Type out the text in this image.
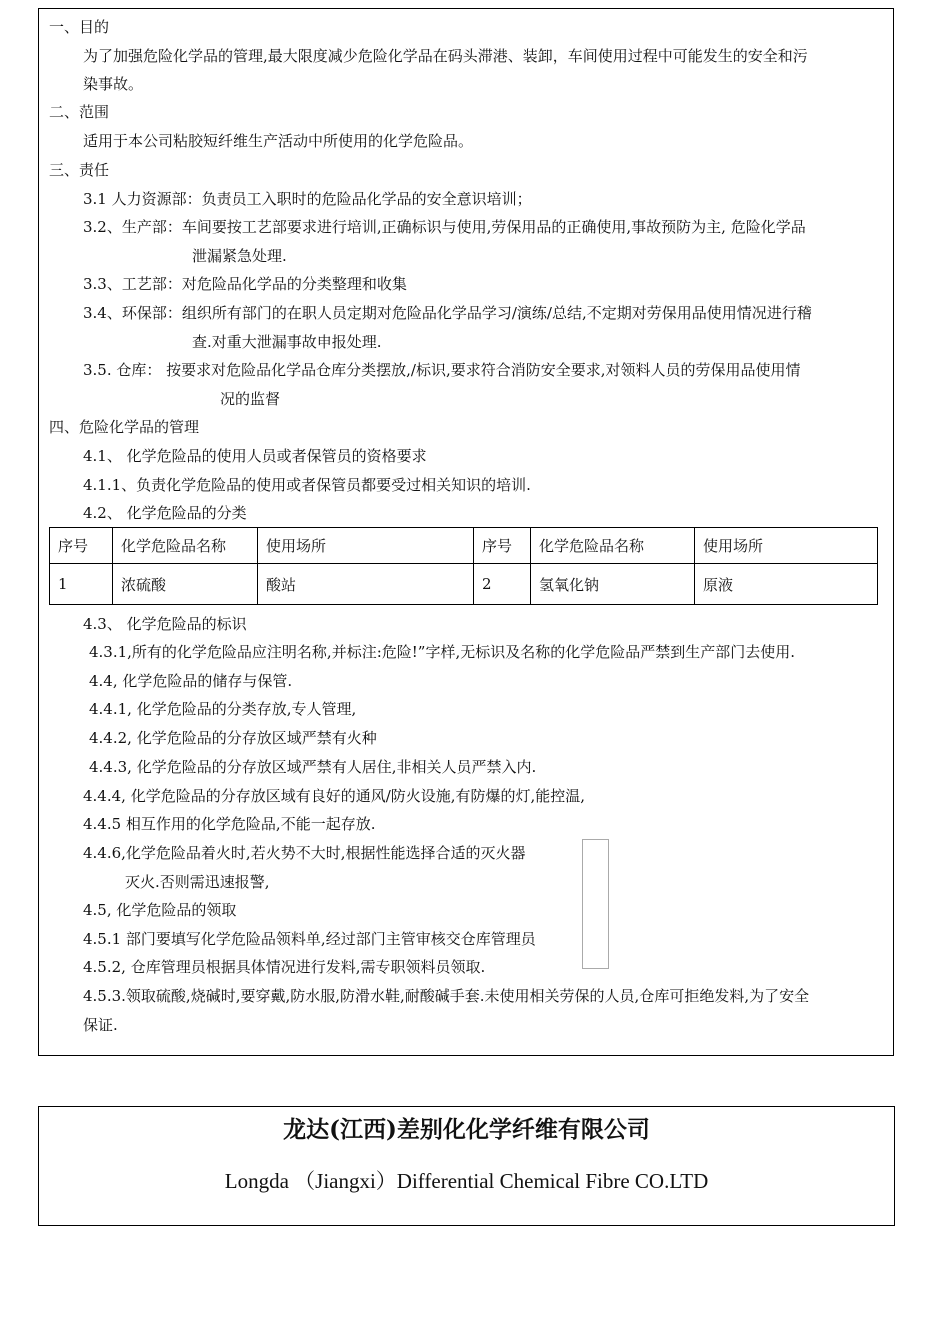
一、目的
为了加强危险化学品的管理,最大限度减少危险化学品在码头滞港、装卸，车间使用过程中可能发生的安全和污
染事故。
二、范围
适用于本公司粘胶短纤维生产活动中所使用的化学危险品。
三、责任
3.1 人力资源部：负责员工入职时的危险品化学品的安全意识培训；
3.2、生产部：车间要按工艺部要求进行培训,正确标识与使用,劳保用品的正确使用,事故预防为主, 危险化学品
泄漏紧急处理.
3.3、工艺部：对危险品化学品的分类整理和收集
3.4、环保部：组织所有部门的在职人员定期对危险品化学品学习/演练/总结,不定期对劳保用品使用情况进行稽
查.对重大泄漏事故申报处理.
3.5. 仓库： 按要求对危险品化学品仓库分类摆放,/标识,要求符合消防安全要求,对领料人员的劳保用品使用情
况的监督
四、危险化学品的管理
4.1、 化学危险品的使用人员或者保管员的资格要求
4.1.1、负责化学危险品的使用或者保管员都要受过相关知识的培训.
4.2、 化学危险品的分类
序号	化学危险品名称	使用场所	序号	化学危险品名称	使用场所
1	浓硫酸	酸站	2	氢氧化钠	原液
4.3、 化学危险品的标识
4.3.1,所有的化学危险品应注明名称,并标注:危险!”字样,无标识及名称的化学危险品严禁到生产部门去使用.
4.4, 化学危险品的储存与保管.
4.4.1, 化学危险品的分类存放,专人管理,
4.4.2, 化学危险品的分存放区域严禁有火种
4.4.3, 化学危险品的分存放区域严禁有人居住,非相关人员严禁入内.
4.4.4, 化学危险品的分存放区域有良好的通风/防火设施,有防爆的灯,能控温,
4.4.5 相互作用的化学危险品,不能一起存放.
4.4.6,化学危险品着火时,若火势不大时,根据性能选择合适的灭火器
灭火.否则需迅速报警,
4.5, 化学危险品的领取
4.5.1 部门要填写化学危险品领料单,经过部门主管审核交仓库管理员
4.5.2, 仓库管理员根据具体情况进行发料,需专职领料员领取.
4.5.3.领取硫酸,烧碱时,要穿戴,防水服,防滑水鞋,耐酸碱手套.未使用相关劳保的人员,仓库可拒绝发料,为了安全
保证.
龙达(江西)差别化化学纤维有限公司
Longda （Jiangxi）Differential Chemical Fibre CO.LTD
